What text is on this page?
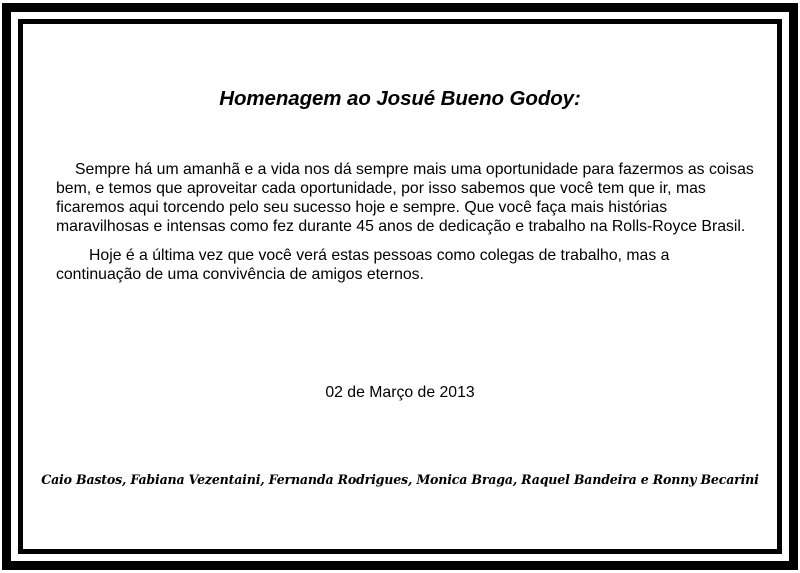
Homenagem ao Josué Bueno Godoy:

Sempre há um amanhã e a vida nos dá sempre mais uma oportunidade para fazermos as coisas bem, e temos que aproveitar cada oportunidade, por isso sabemos que você tem que ir, mas ficaremos aqui torcendo pelo seu sucesso hoje e sempre. Que você faça mais histórias maravilhosas e intensas como fez durante 45 anos de dedicação e trabalho na Rolls-Royce Brasil.

Hoje é a última vez que você verá estas pessoas como colegas de trabalho, mas a continuação de uma convivência de amigos eternos.

02 de Março de 2013
Caio Bastos, Fabiana Vezentaini, Fernanda Rodrigues, Monica Braga, Raquel Bandeira e Ronny Becarini
